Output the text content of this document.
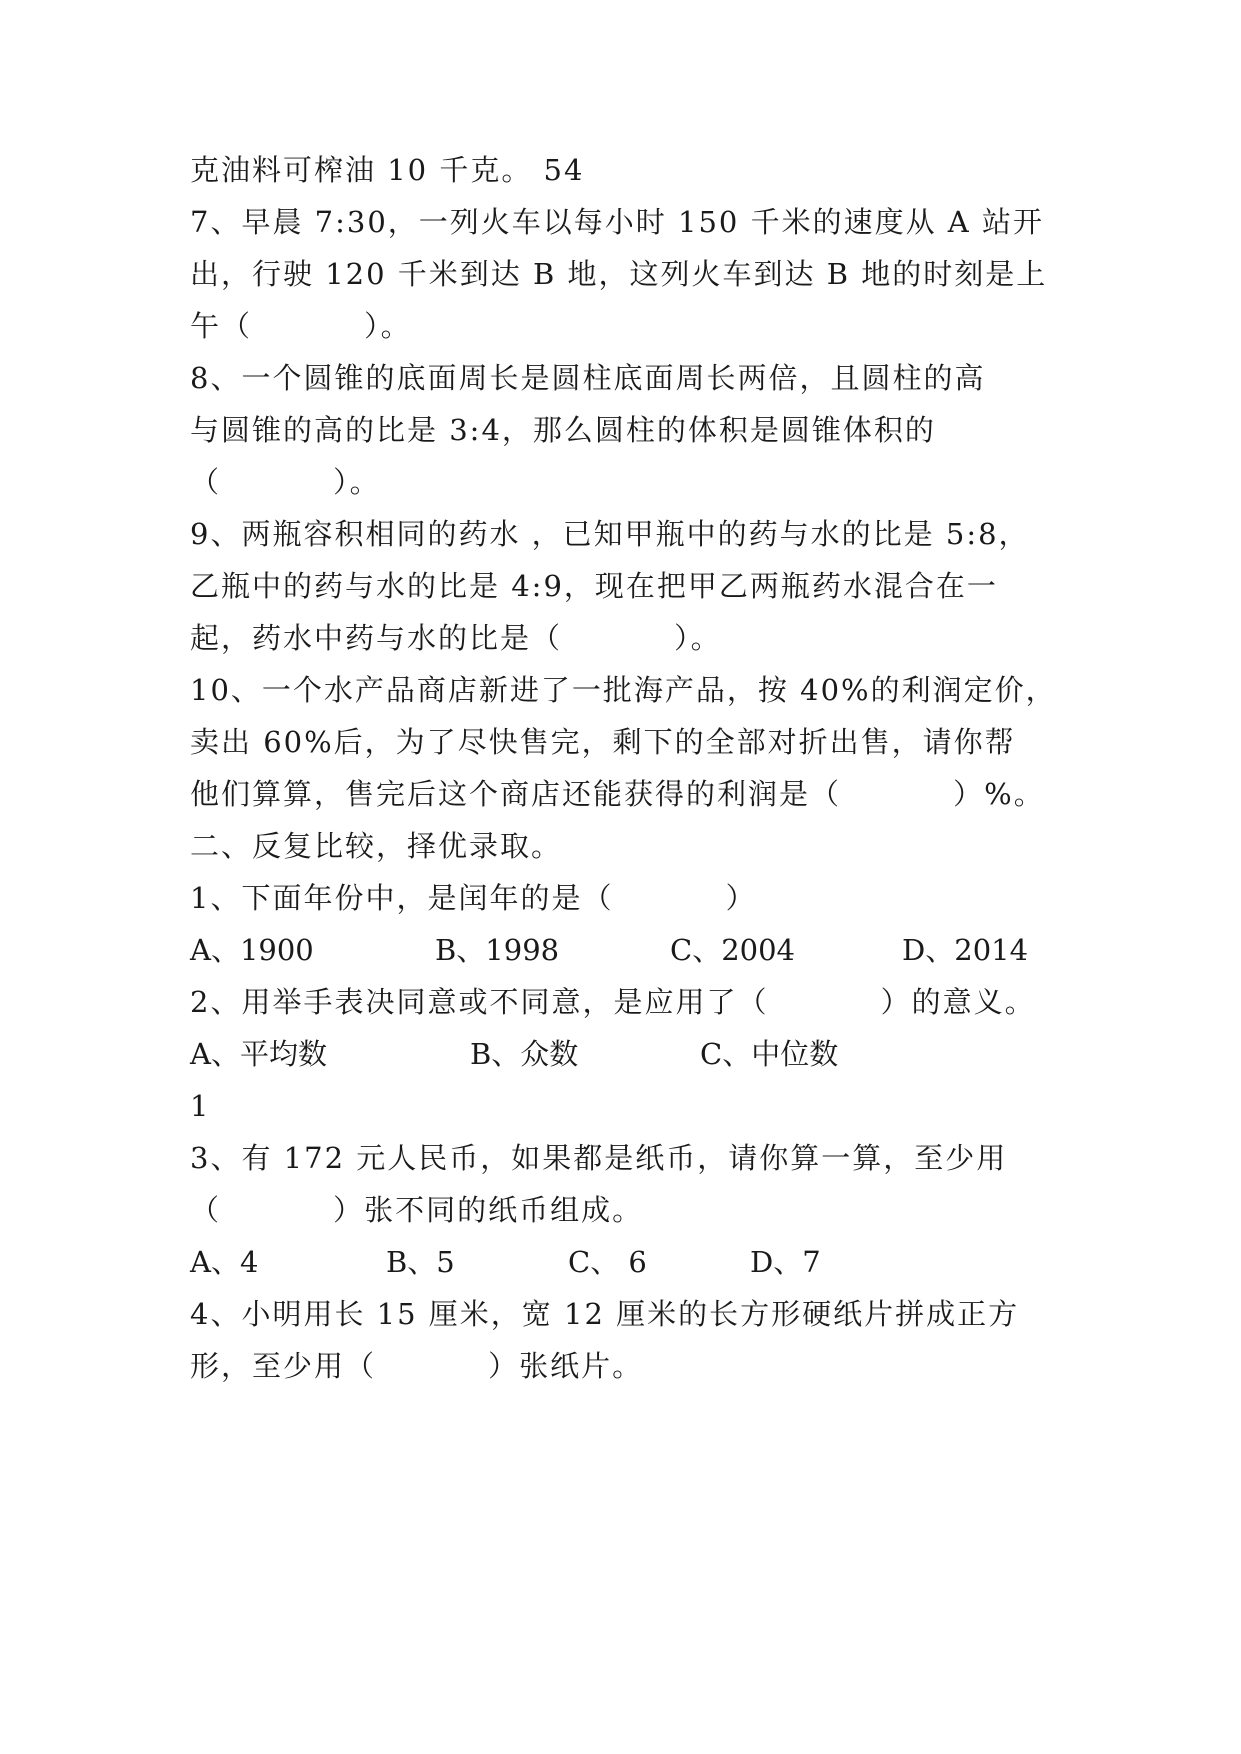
克油料可榨油 10 千克。 54
7、早晨 7:30，一列火车以每小时 150 千米的速度从 A 站开
出，行驶 120 千米到达 B 地，这列火车到达 B 地的时刻是上
午（          ）。
8、一个圆锥的底面周长是圆柱底面周长两倍，且圆柱的高
与圆锥的高的比是 3:4，那么圆柱的体积是圆锥体积的
（          ）。
9、两瓶容积相同的药水 ，已知甲瓶中的药与水的比是 5:8，
乙瓶中的药与水的比是 4:9，现在把甲乙两瓶药水混合在一
起，药水中药与水的比是（          ）。
10、一个水产品商店新进了一批海产品，按 40%的利润定价，
卖出 60%后，为了尽快售完，剩下的全部对折出售，请你帮
他们算算，售完后这个商店还能获得的利润是（          ）%。
二、反复比较，择优录取。
1、下面年份中，是闰年的是（          ）

A、1900

	B、1998

	C、2004

	D、2014

2、用举手表决同意或不同意，是应用了（          ）的意义。

A、平均数

	B、众数

	C、中位数

1
3、有 172 元人民币，如果都是纸币，请你算一算，至少用
（          ）张不同的纸币组成。

A、4

	B、5

	C、 6

	D、7

4、小明用长 15 厘米，宽 12 厘米的长方形硬纸片拼成正方
形，至少用（          ）张纸片。
